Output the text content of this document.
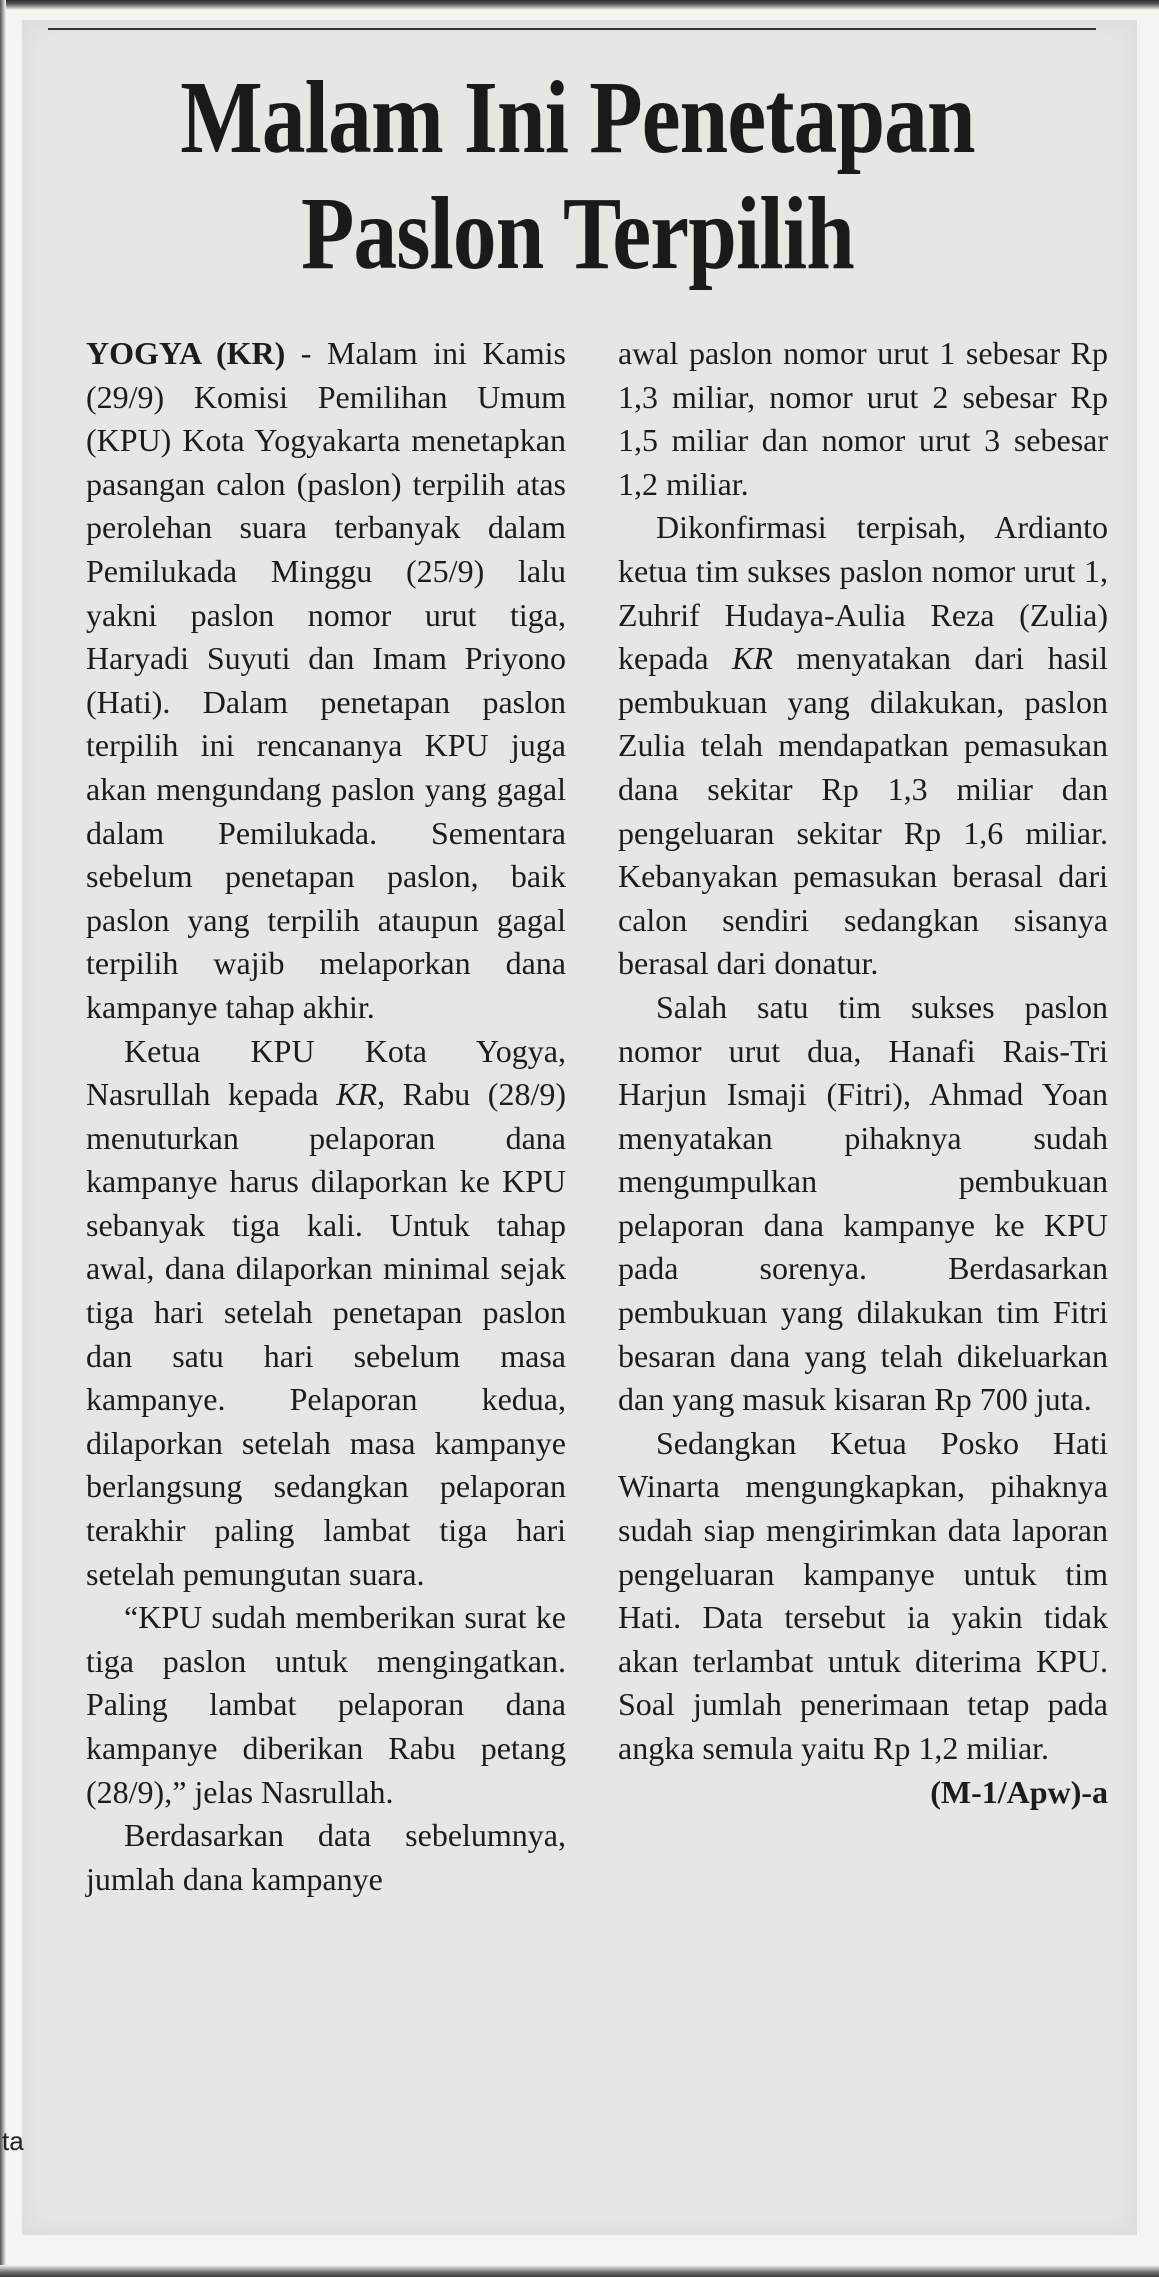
Malam Ini Penetapan
Paslon Terpilih

YOGYA (KR) - Malam ini Kamis (29/9) Komisi Pemilihan Umum (KPU) Kota Yogyakarta menetapkan pasangan calon (paslon) terpilih atas perolehan suara terbanyak dalam Pemilukada Minggu (25/9) lalu yakni paslon nomor urut tiga, Haryadi Suyuti dan Imam Priyono (Hati). Dalam penetapan paslon terpilih ini rencananya KPU juga akan mengundang paslon yang gagal dalam Pemilukada. Sementara sebelum penetapan paslon, baik paslon yang terpilih ataupun gagal terpilih wajib melaporkan dana kampanye tahap akhir.

Ketua KPU Kota Yogya, Nasrullah kepada KR, Rabu (28/9) menuturkan pelaporan dana kampanye harus dilaporkan ke KPU sebanyak tiga kali. Untuk tahap awal, dana dilaporkan minimal sejak tiga hari setelah penetapan paslon dan satu hari sebelum masa kampanye. Pelaporan kedua, dilaporkan setelah masa kampanye berlangsung sedangkan pelaporan terakhir paling lambat tiga hari setelah pemungutan suara.

“KPU sudah memberikan surat ke tiga paslon untuk mengingatkan. Paling lambat pelaporan dana kampanye diberikan Rabu petang (28/9),” jelas Nasrullah.

Berdasarkan data sebelumnya, jumlah dana kampanye

awal paslon nomor urut 1 sebesar Rp 1,3 miliar, nomor urut 2 sebesar Rp 1,5 miliar dan nomor urut 3 sebesar 1,2 miliar.

Dikonfirmasi terpisah, Ardianto ketua tim sukses paslon nomor urut 1, Zuhrif Hudaya-Aulia Reza (Zulia) kepada KR menyatakan dari hasil pembukuan yang dilakukan, paslon Zulia telah mendapatkan pemasukan dana sekitar Rp 1,3 miliar dan pengeluaran sekitar Rp 1,6 miliar. Kebanyakan pemasukan berasal dari calon sendiri sedangkan sisanya berasal dari donatur.

Salah satu tim sukses paslon nomor urut dua, Hanafi Rais-Tri Harjun Ismaji (Fitri), Ahmad Yoan menyatakan pihaknya sudah mengumpulkan pembukuan pelaporan dana kampanye ke KPU pada sorenya. Berdasarkan pembukuan yang dilakukan tim Fitri besaran dana yang telah dikeluarkan dan yang masuk kisaran Rp 700 juta.

Sedangkan Ketua Posko Hati Winarta mengungkapkan, pihaknya sudah siap mengirimkan data laporan pengeluaran kampanye untuk tim Hati. Data tersebut ia yakin tidak akan terlambat untuk diterima KPU. Soal jumlah penerimaan tetap pada angka semula yaitu Rp 1,2 miliar.
(M-1/Apw)-a

ta
